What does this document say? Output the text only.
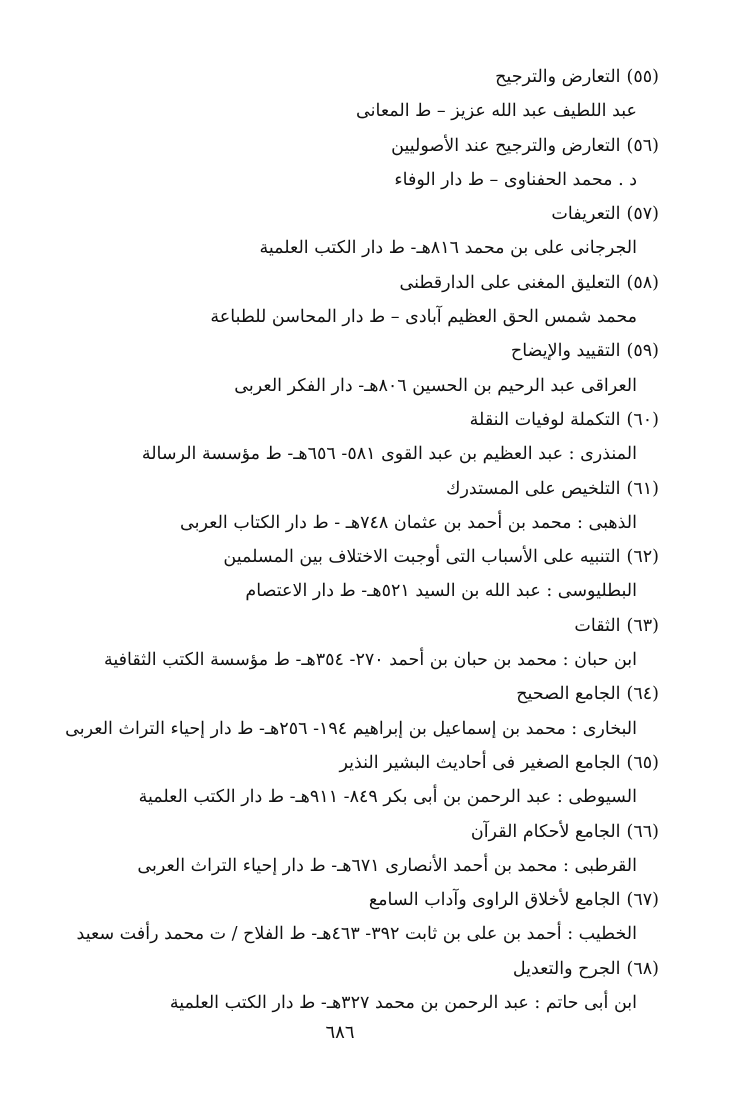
(٥٥)التعارض والترجيح
عبد اللطيف عبد الله عزيز – ط المعانى
(٥٦)التعارض والترجيح عند الأصوليين
د . محمد الحفناوى – ط دار الوفاء
(٥٧)التعريفات
الجرجانى على بن محمد ٨١٦هـ- ط دار الكتب العلمية
(٥٨)التعليق المغنى على الدارقطنى
محمد شمس الحق العظيم آبادى – ط دار المحاسن للطباعة
(٥٩)التقييد والإيضاح
العراقى عبد الرحيم بن الحسين ٨٠٦هـ- دار الفكر العربى
(٦٠)التكملة لوفيات النقلة
المنذرى : عبد العظيم بن عبد القوى ٥٨١- ٦٥٦هـ- ط مؤسسة الرسالة
(٦١)التلخيص على المستدرك
الذهبى : محمد بن أحمد بن عثمان ٧٤٨هـ - ط دار الكتاب العربى
(٦٢)التنبيه على الأسباب التى أوجبت الاختلاف بين المسلمين
البطليوسى : عبد الله بن السيد ٥٢١هـ- ط دار الاعتصام
(٦٣)الثقات
ابن حبان : محمد بن حبان بن أحمد ٢٧٠- ٣٥٤هـ- ط مؤسسة الكتب الثقافية
(٦٤)الجامع الصحيح
البخارى : محمد بن إسماعيل بن إبراهيم ١٩٤- ٢٥٦هـ- ط دار إحياء التراث العربى
(٦٥)الجامع الصغير فى أحاديث البشير النذير
السيوطى : عبد الرحمن بن أبى بكر ٨٤٩- ٩١١هـ- ط دار الكتب العلمية
(٦٦)الجامع لأحكام القرآن
القرطبى : محمد بن أحمد الأنصارى ٦٧١هـ- ط دار إحياء التراث العربى
(٦٧)الجامع لأخلاق الراوى وآداب السامع
الخطيب : أحمد بن على بن ثابت ٣٩٢- ٤٦٣هـ- ط الفلاح / ت محمد رأفت سعيد
(٦٨)الجرح والتعديل
ابن أبى حاتم : عبد الرحمن بن محمد ٣٢٧هـ- ط دار الكتب العلمية
٦٨٦
